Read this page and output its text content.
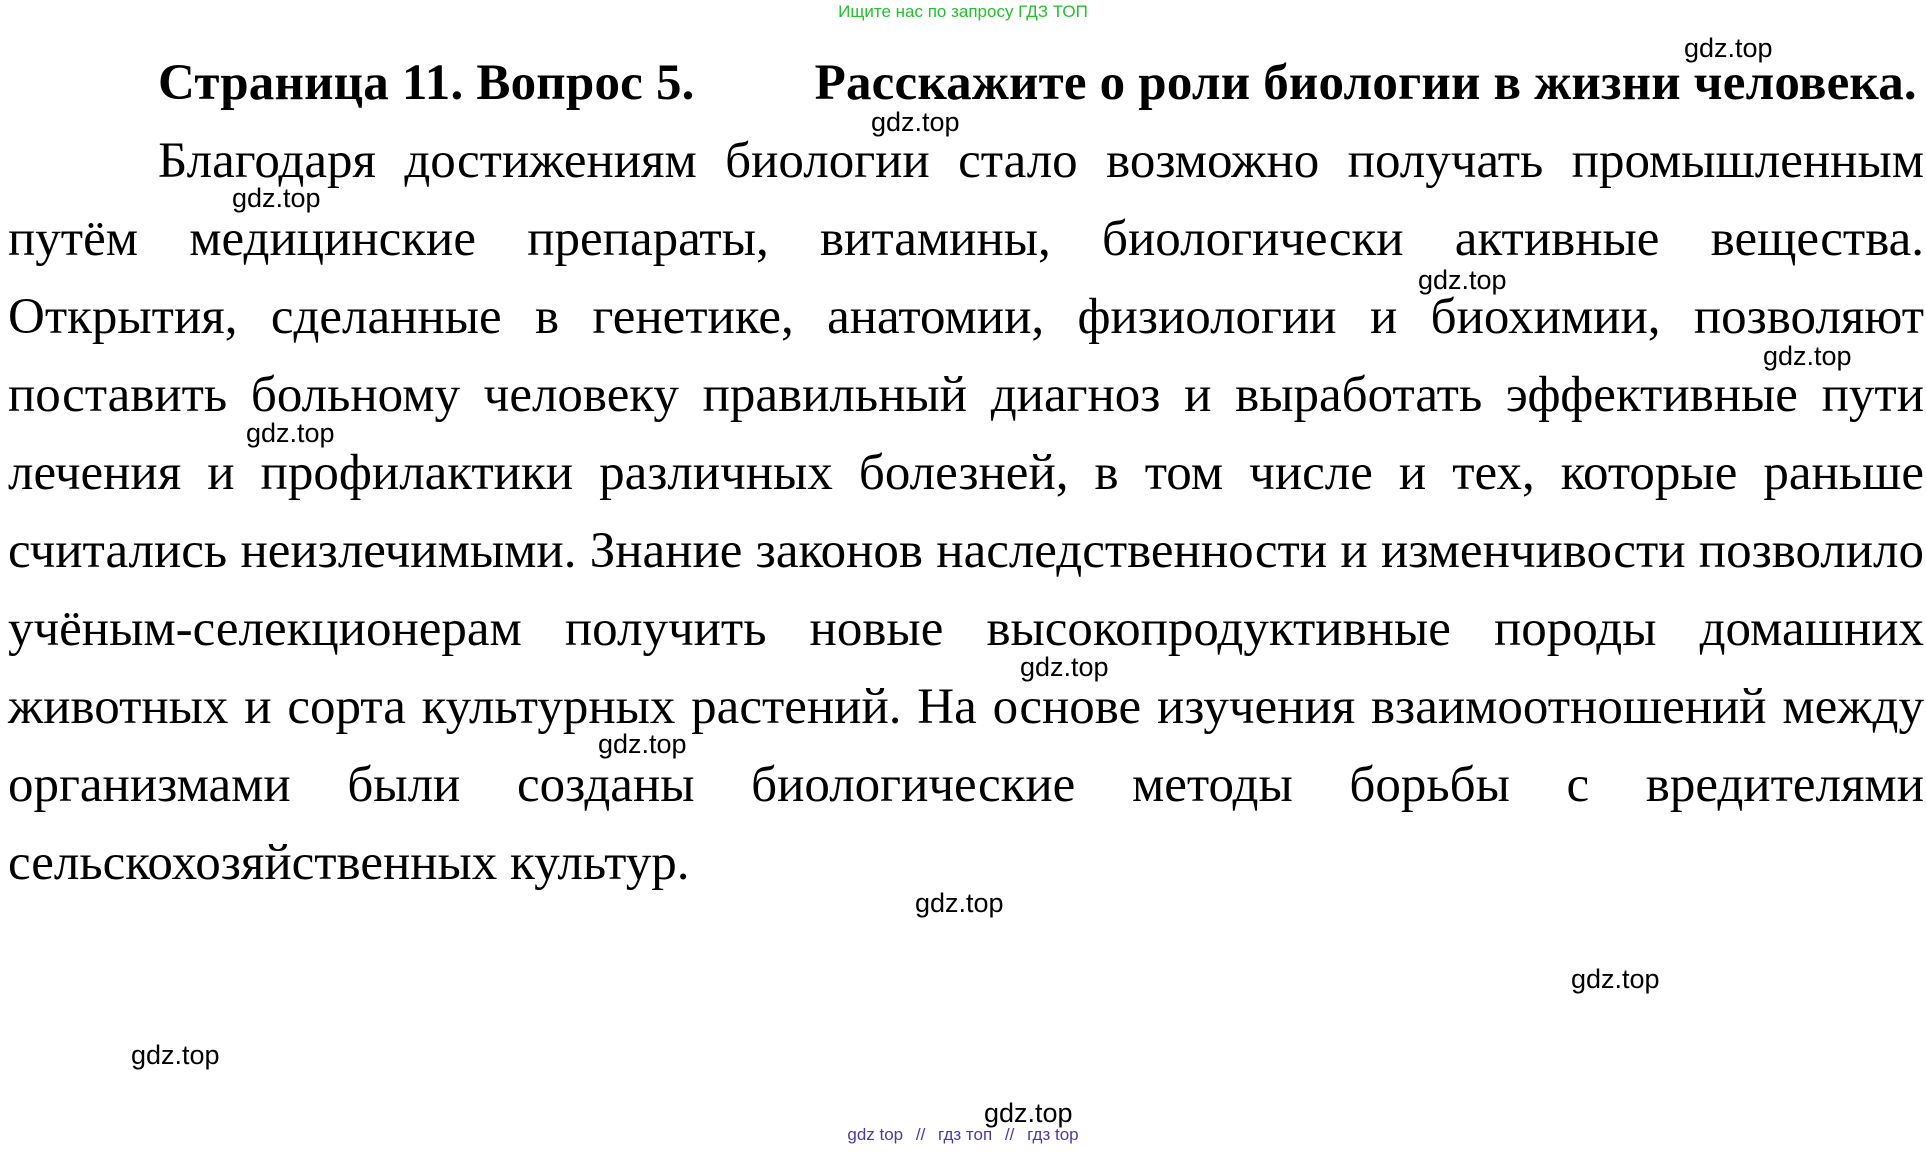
Ищите нас по запросу ГДЗ ТОП
Страница 11. Вопрос 5. Расскажите о роли биологии в жизни человека.

Благодаря достижениям биологии стало возможно получать промышленным путём медицинские препараты, витамины, биологически активные вещества. Открытия, сделанные в генетике, анатомии, физиологии и биохимии, позволяют поставить больному человеку правильный диагноз и выработать эффективные пути лечения и профилактики различных болезней, в том числе и тех, которые раньше считались неизлечимыми. Знание законов наследственности и изменчивости позволило учёным-селекционерам получить новые высокопродуктивные породы домашних животных и сорта культурных растений. На основе изучения взаимоотношений между организмами были созданы биологические методы борьбы с вредителями сельскохозяйственных культур.

gdz.top
gdz.top
gdz.top
gdz.top
gdz.top
gdz.top
gdz.top
gdz.top
gdz.top
gdz.top
gdz.top
gdz.top
gdz top // гдз топ // гдз top
